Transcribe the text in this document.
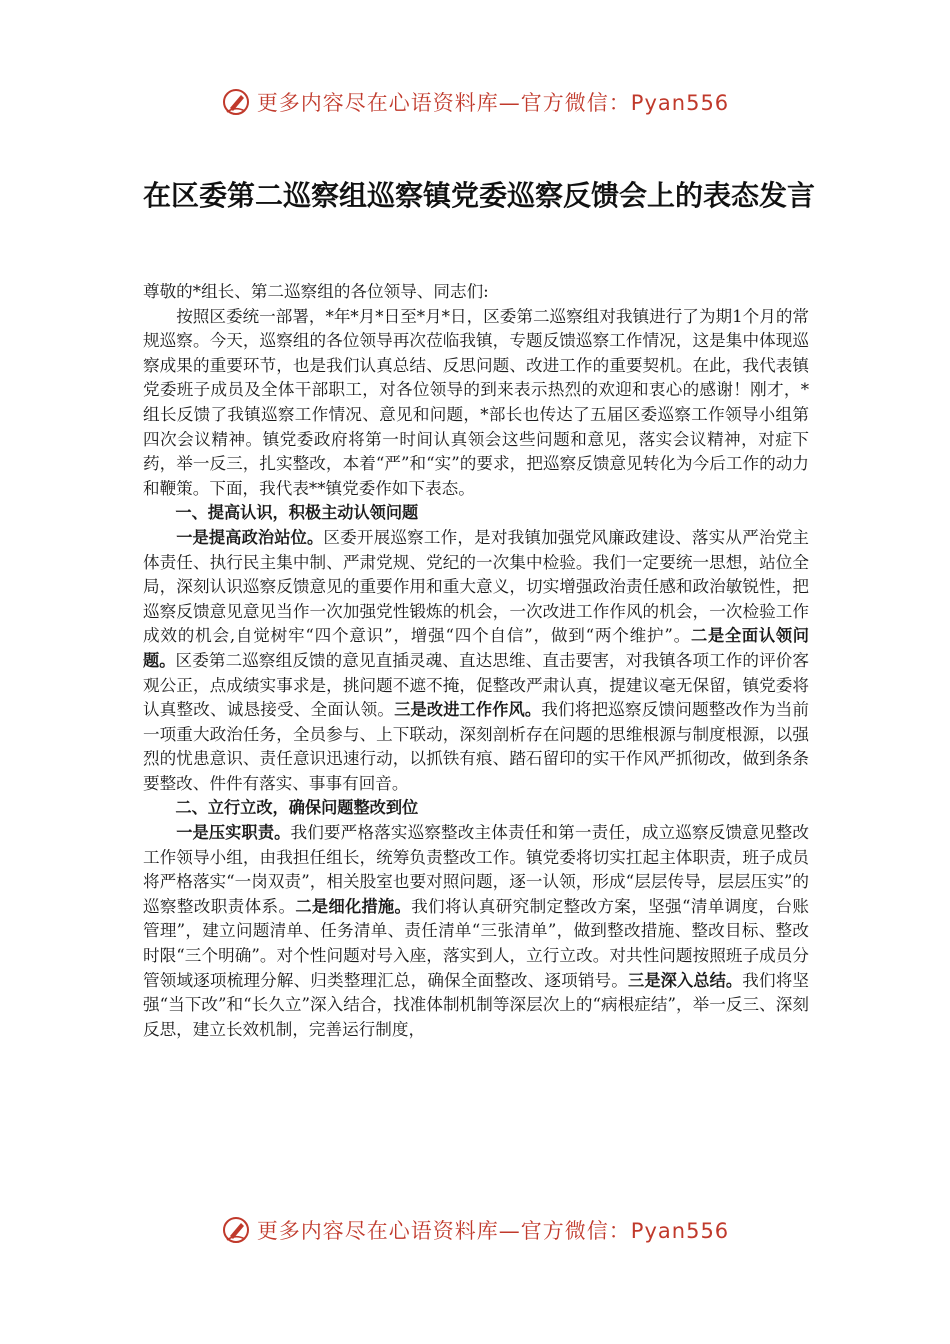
更多内容尽在心语资料库—官方微信：Pyan556
在区委第二巡察组巡察镇党委巡察反馈会上的表态发言

尊敬的*组长、第二巡察组的各位领导、同志们:

按照区委统一部署，*年*月*日至*月*日，区委第二巡察组对我镇进行了为期1个月的常规巡察。今天，巡察组的各位领导再次莅临我镇，专题反馈巡察工作情况，这是集中体现巡察成果的重要环节，也是我们认真总结、反思问题、改进工作的重要契机。在此，我代表镇党委班子成员及全体干部职工，对各位领导的到来表示热烈的欢迎和衷心的感谢！刚才，*组长反馈了我镇巡察工作情况、意见和问题，*部长也传达了五届区委巡察工作领导小组第四次会议精神。镇党委政府将第一时间认真领会这些问题和意见，落实会议精神，对症下药，举一反三，扎实整改，本着“严”和“实”的要求，把巡察反馈意见转化为今后工作的动力和鞭策。下面，我代表**镇党委作如下表态。

一、提高认识，积极主动认领问题

一是提高政治站位。区委开展巡察工作，是对我镇加强党风廉政建设、落实从严治党主体责任、执行民主集中制、严肃党规、党纪的一次集中检验。我们一定要统一思想，站位全局，深刻认识巡察反馈意见的重要作用和重大意义，切实增强政治责任感和政治敏锐性，把巡察反馈意见意见当作一次加强党性锻炼的机会，一次改进工作作风的机会，一次检验工作成效的机会,自觉树牢“四个意识”，增强“四个自信”，做到“两个维护”。二是全面认领问题。区委第二巡察组反馈的意见直插灵魂、直达思维、直击要害，对我镇各项工作的评价客观公正，点成绩实事求是，挑问题不遮不掩，促整改严肃认真，提建议毫无保留，镇党委将认真整改、诚恳接受、全面认领。三是改进工作作风。我们将把巡察反馈问题整改作为当前一项重大政治任务，全员参与、上下联动，深刻剖析存在问题的思维根源与制度根源，以强烈的忧患意识、责任意识迅速行动，以抓铁有痕、踏石留印的实干作风严抓彻改，做到条条要整改、件件有落实、事事有回音。

二、立行立改，确保问题整改到位

一是压实职责。我们要严格落实巡察整改主体责任和第一责任，成立巡察反馈意见整改工作领导小组，由我担任组长，统筹负责整改工作。镇党委将切实扛起主体职责，班子成员将严格落实“一岗双责”，相关股室也要对照问题，逐一认领，形成“层层传导，层层压实”的巡察整改职责体系。二是细化措施。我们将认真研究制定整改方案，坚强“清单调度，台账管理”，建立问题清单、任务清单、责任清单“三张清单”，做到整改措施、整改目标、整改时限“三个明确”。对个性问题对号入座，落实到人，立行立改。对共性问题按照班子成员分管领域逐项梳理分解、归类整理汇总，确保全面整改、逐项销号。三是深入总结。我们将坚强“当下改”和“长久立”深入结合，找准体制机制等深层次上的“病根症结”，举一反三、深刻反思，建立长效机制，完善运行制度，

更多内容尽在心语资料库—官方微信：Pyan556
